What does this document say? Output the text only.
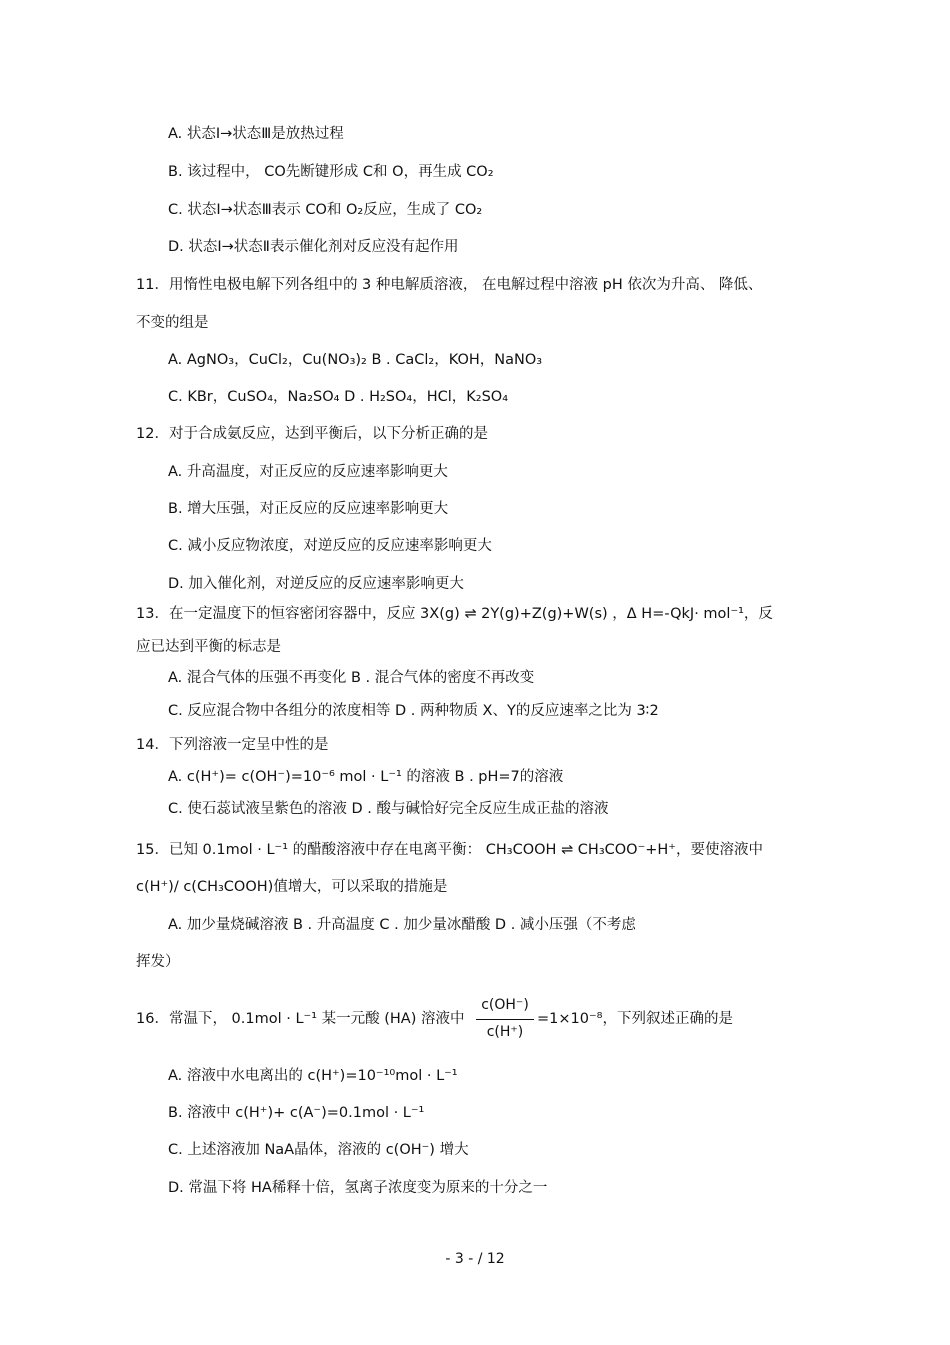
A. 状态Ⅰ→状态Ⅲ是放热过程
B. 该过程中， CO先断键形成 C和 O，再生成 CO₂
C. 状态Ⅰ→状态Ⅲ表示 CO和 O₂反应，生成了 CO₂
D. 状态Ⅰ→状态Ⅱ表示催化剂对反应没有起作用
11．用惰性电极电解下列各组中的 3 种电解质溶液， 在电解过程中溶液 pH 依次为升高、 降低、
不变的组是
A. AgNO₃，CuCl₂，Cu(NO₃)₂ B . CaCl₂，KOH，NaNO₃
C. KBr，CuSO₄，Na₂SO₄ D . H₂SO₄，HCl，K₂SO₄
12．对于合成氨反应，达到平衡后，以下分析正确的是
A. 升高温度，对正反应的反应速率影响更大
B. 增大压强，对正反应的反应速率影响更大
C. 减小反应物浓度，对逆反应的反应速率影响更大
D. 加入催化剂，对逆反应的反应速率影响更大
13．在一定温度下的恒容密闭容器中，反应 3X(g) ⇌ 2Y(g)+Z(g)+W(s) ，Δ H=-QkJ· mol⁻¹，反
应已达到平衡的标志是
A. 混合气体的压强不再变化 B . 混合气体的密度不再改变
C. 反应混合物中各组分的浓度相等 D . 两种物质 X、Y的反应速率之比为 3∶2
14．下列溶液一定呈中性的是
A. c(H⁺)= c(OH⁻)=10⁻⁶ mol · L⁻¹ 的溶液 B . pH=7的溶液
C. 使石蕊试液呈紫色的溶液 D . 酸与碱恰好完全反应生成正盐的溶液
15．已知 0.1mol · L⁻¹ 的醋酸溶液中存在电离平衡： CH₃COOH ⇌ CH₃COO⁻+H⁺，要使溶液中
c(H⁺)/ c(CH₃COOH)值增大，可以采取的措施是
A. 加少量烧碱溶液 B . 升高温度 C . 加少量冰醋酸 D . 减小压强（不考虑
挥发）
16．常温下， 0.1mol · L⁻¹ 某一元酸 (HA) 溶液中
c(OH⁻)
c(H⁺)
=1×10⁻⁸，下列叙述正确的是
A. 溶液中水电离出的 c(H⁺)=10⁻¹⁰mol · L⁻¹
B. 溶液中 c(H⁺)+ c(A⁻)=0.1mol · L⁻¹
C. 上述溶液加 NaA晶体，溶液的 c(OH⁻) 增大
D. 常温下将 HA稀释十倍，氢离子浓度变为原来的十分之一
- 3 - / 12
